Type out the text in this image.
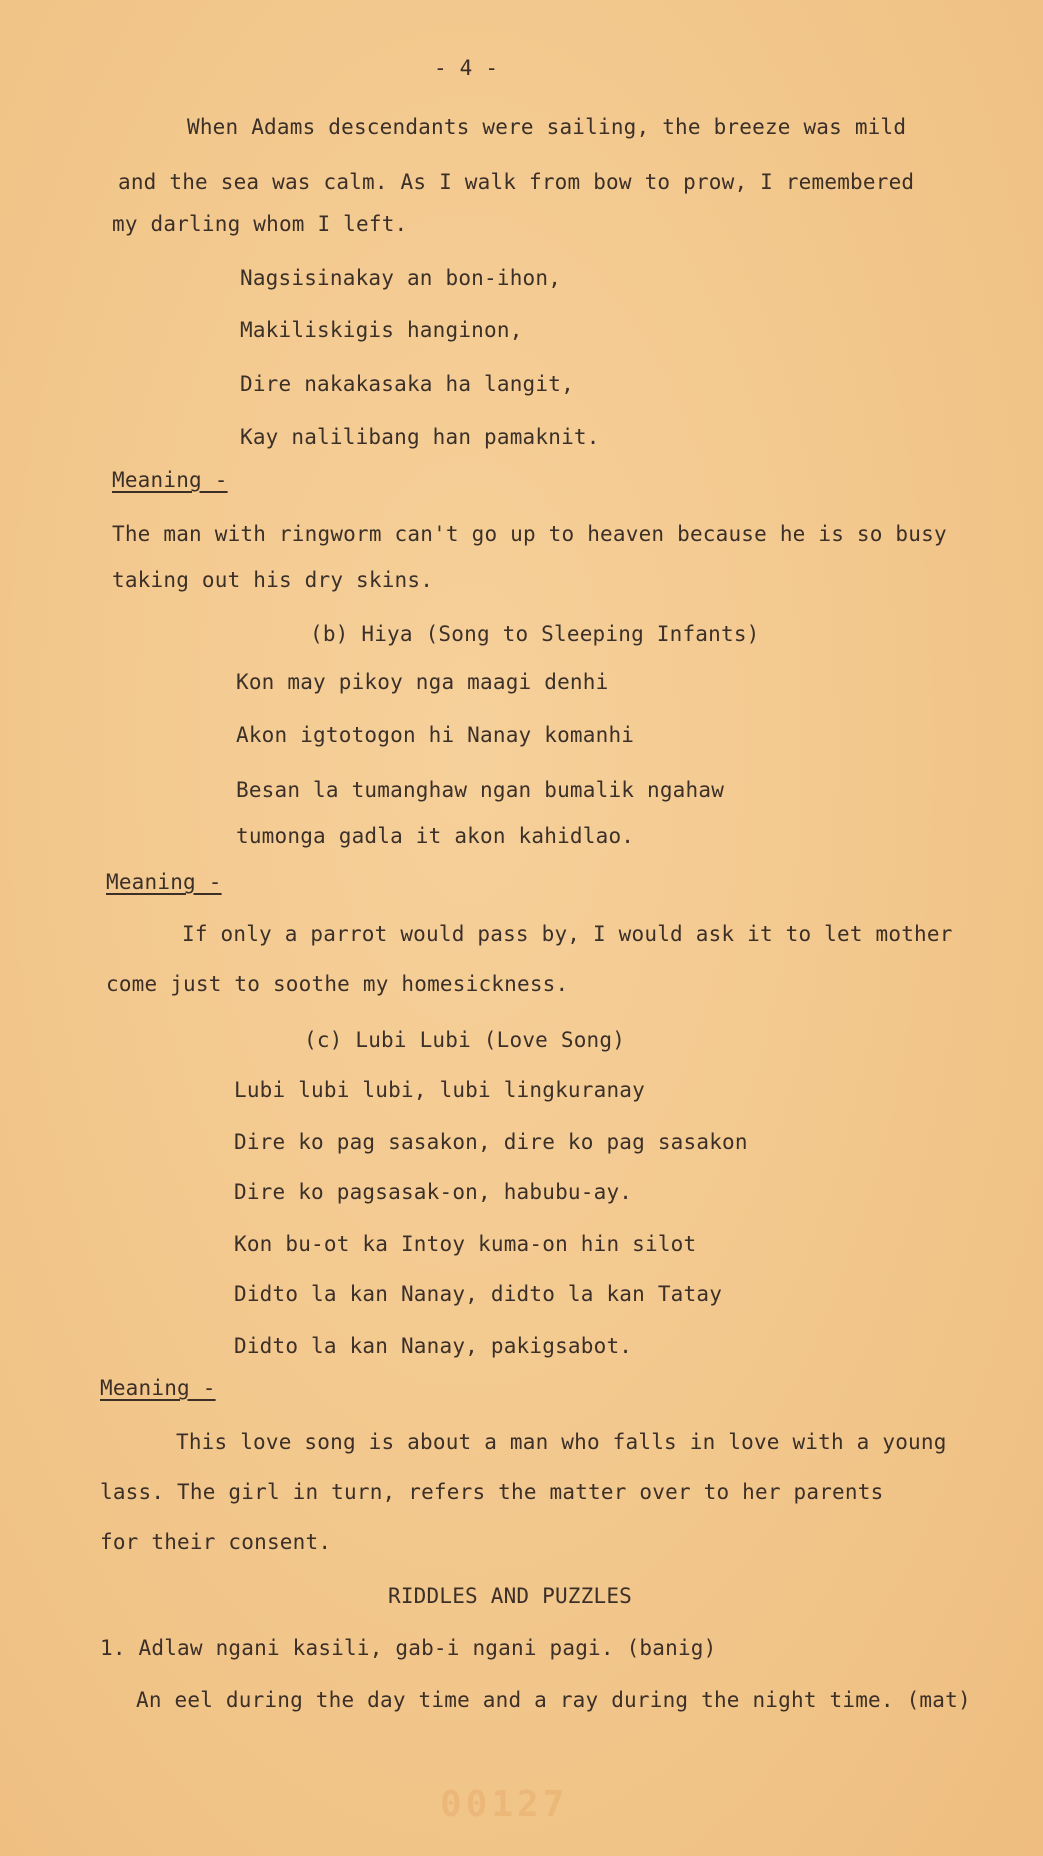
- 4 -
When Adams descendants were sailing, the breeze was mild
and the sea was calm. As I walk from bow to prow, I remembered
my darling whom I left.
Nagsisinakay an bon-ihon,
Makiliskigis hanginon,
Dire nakakasaka ha langit,
Kay nalilibang han pamaknit.
Meaning -
The man with ringworm can't go up to heaven because he is so busy
taking out his dry skins.
(b) Hiya (Song to Sleeping Infants)
Kon may pikoy nga maagi denhi
Akon igtotogon hi Nanay komanhi
Besan la tumanghaw ngan bumalik ngahaw
tumonga gadla it akon kahidlao.
Meaning -
If only a parrot would pass by, I would ask it to let mother
come just to soothe my homesickness.
(c) Lubi Lubi (Love Song)
Lubi lubi lubi, lubi lingkuranay
Dire ko pag sasakon, dire ko pag sasakon
Dire ko pagsasak-on, habubu-ay.
Kon bu-ot ka Intoy kuma-on hin silot
Didto la kan Nanay, didto la kan Tatay
Didto la kan Nanay, pakigsabot.
Meaning -
This love song is about a man who falls in love with a young
lass. The girl in turn, refers the matter over to her parents
for their consent.
RIDDLES AND PUZZLES
1. Adlaw ngani kasili, gab-i ngani pagi. (banig)
An eel during the day time and a ray during the night time. (mat)
00127
